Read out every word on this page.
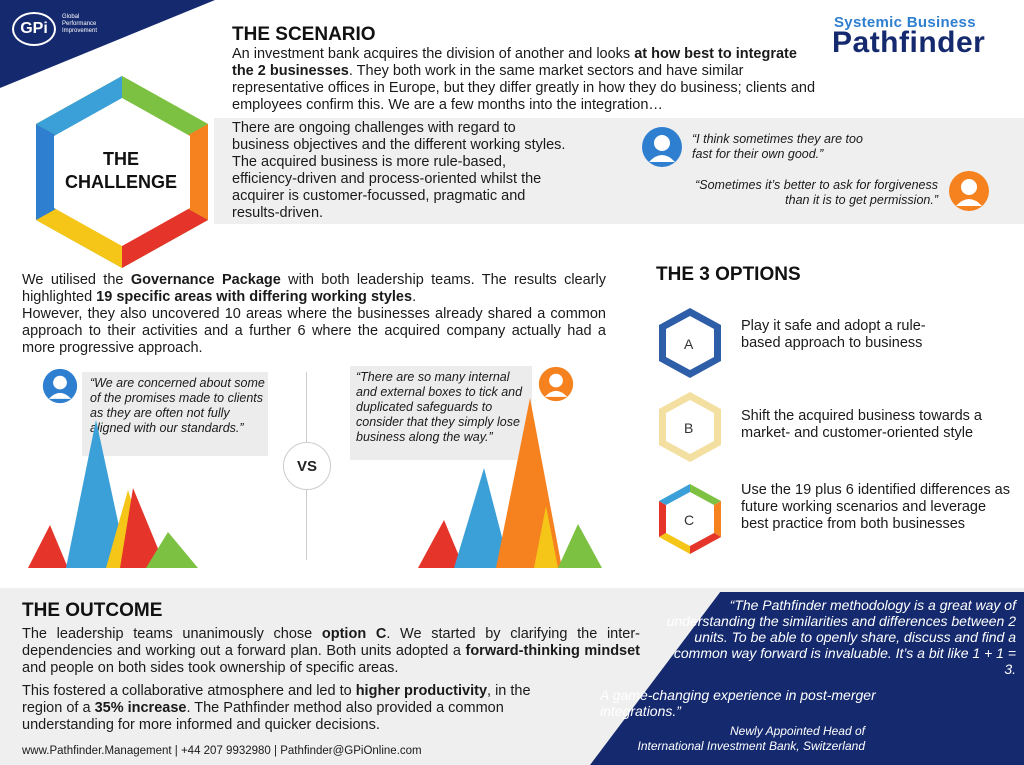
GPi
Global
Performance
Improvement	Systemic Business
Pathfinder
THE SCENARIO
An investment bank acquires the division of another and looks at how best to integrate the 2 businesses. They both work in the same market sectors and have similar representative offices in Europe, but they differ greatly in how they do business; clients and employees confirm this. We are a few months into the integration…
THE
CHALLENGE
There are ongoing challenges with regard to business objectives and the different working styles. The acquired business is more rule-based, efficiency-driven and process-oriented whilst the acquirer is customer-focussed, pragmatic and results-driven.
“I think sometimes they are too fast for their own good.”
“Sometimes it’s better to ask for forgiveness than it is to get permission.”
We utilised the Governance Package with both leadership teams. The results clearly highlighted 19 specific areas with differing working styles.
However, they also uncovered 10 areas where the businesses already shared a common approach to their activities and a further 6 where the acquired company actually had a more progressive approach.
“We are concerned about some of the promises made to clients as they are often not fully aligned with our standards.”
VS
“There are so many internal and external boxes to tick and duplicated safeguards to consider that they simply lose business along the way.”
THE 3 OPTIONS
A
Play it safe and adopt a rule-based approach to business
B
Shift the acquired business towards a market- and customer-oriented style
C
Use the 19 plus 6 identified differences as future working scenarios and leverage best practice from both businesses
THE OUTCOME
The leadership teams unanimously chose option C. We started by clarifying the inter-dependencies and working out a forward plan. Both units adopted a forward-thinking mindset and people on both sides took ownership of specific areas.
This fostered a collaborative atmosphere and led to higher productivity, in the region of a 35% increase. The Pathfinder method also provided a common understanding for more informed and quicker decisions.
“The Pathfinder methodology is a great way of understanding the similarities and differences between 2 units. To be able to openly share, discuss and find a common way forward is invaluable. It’s a bit like 1 + 1 = 3.
A game-changing experience in post-merger integrations.”
Newly Appointed Head of
International Investment Bank, Switzerland
www.Pathfinder.Management | +44 207 9932980 | Pathfinder@GPiOnline.com
